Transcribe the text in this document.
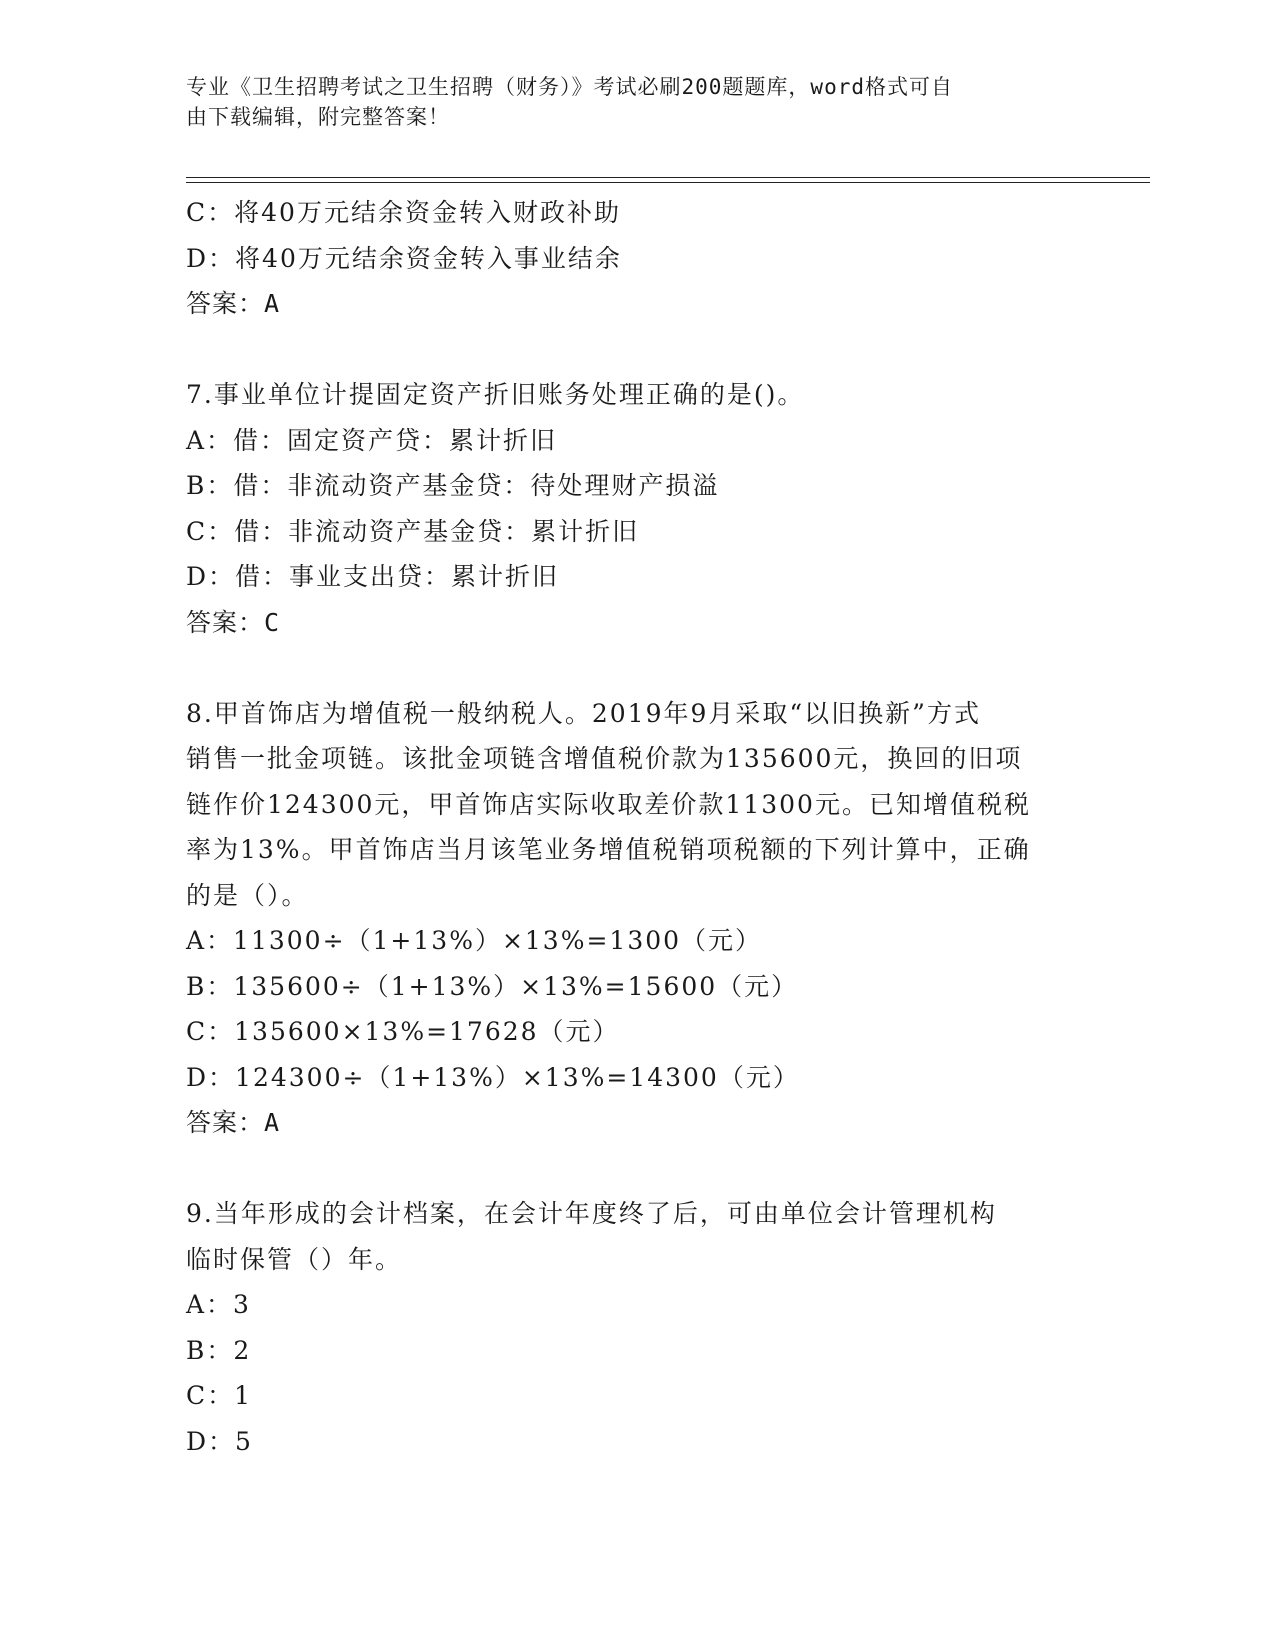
专业《卫生招聘考试之卫生招聘（财务）》考试必刷200题题库，word格式可自
由下载编辑，附完整答案！
C：将40万元结余资金转入财政补助
D：将40万元结余资金转入事业结余
答案：A
7.事业单位计提固定资产折旧账务处理正确的是()。
A：借：固定资产贷：累计折旧
B：借：非流动资产基金贷：待处理财产损溢
C：借：非流动资产基金贷：累计折旧
D：借：事业支出贷：累计折旧
答案：C
8.甲首饰店为增值税一般纳税人。2019年9月采取“以旧换新”方式
销售一批金项链。该批金项链含增值税价款为135600元，换回的旧项
链作价124300元，甲首饰店实际收取差价款11300元。已知增值税税
率为13%。甲首饰店当月该笔业务增值税销项税额的下列计算中，正确
的是（）。
A：11300÷（1+13%）×13%=1300（元）
B：135600÷（1+13%）×13%=15600（元）
C：135600×13%=17628（元）
D：124300÷（1+13%）×13%=14300（元）
答案：A
9.当年形成的会计档案，在会计年度终了后，可由单位会计管理机构
临时保管（）年。
A：3
B：2
C：1
D：5
